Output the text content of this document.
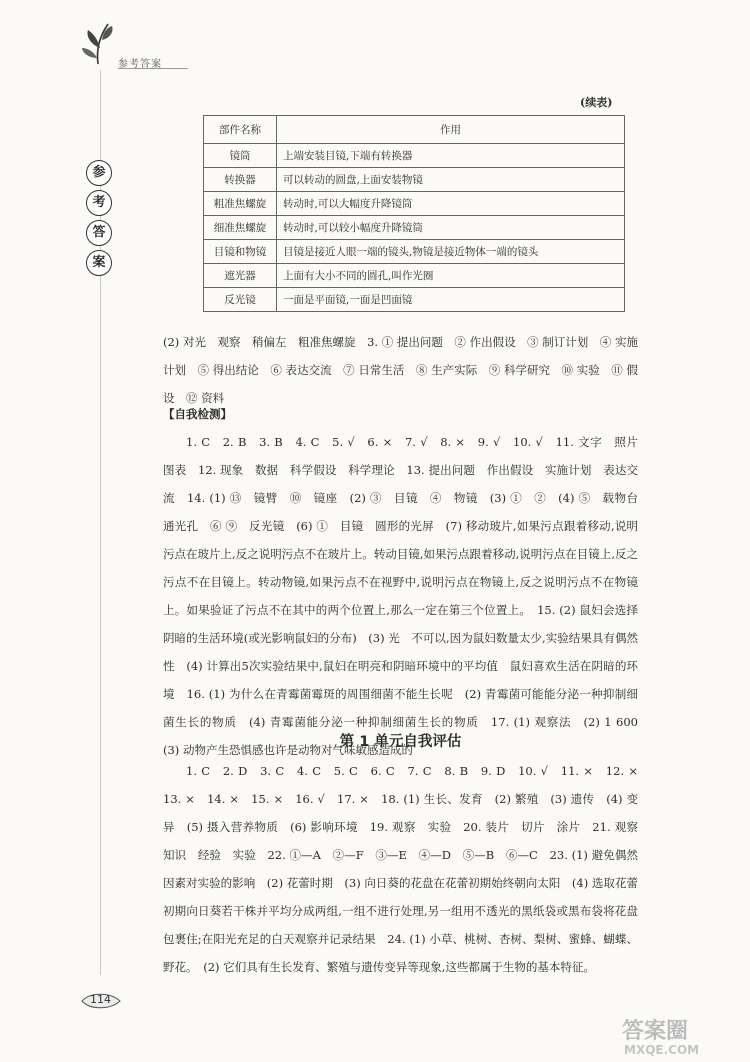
参考答案
参
考
答
案
(续表)
部件名称	作用
镜筒	上端安装目镜,下端有转换器
转换器	可以转动的圆盘,上面安装物镜
粗准焦螺旋	转动时,可以大幅度升降镜筒
细准焦螺旋	转动时,可以较小幅度升降镜筒
目镜和物镜	目镜是接近人眼一端的镜头,物镜是接近物体一端的镜头
遮光器	上面有大小不同的圆孔,叫作光圈
反光镜	一面是平面镜,一面是凹面镜

(2) 对光　观察　稍偏左　粗准焦螺旋　3. ① 提出问题　② 作出假设　③ 制订计划　④ 实施计划　⑤ 得出结论　⑥ 表达交流　⑦ 日常生活　⑧ 生产实际　⑨ 科学研究　⑩ 实验　⑪ 假设　⑫ 资料

【自我检测】

1. C　2. B　3. B　4. C　5. √　6. ×　7. √　8. ×　9. √　10. √　11. 文字　照片　图表　12. 现象　数据　科学假设　科学理论　13. 提出问题　作出假设　实施计划　表达交流　14. (1) ⑬　镜臂　⑩　镜座　(2) ③　目镜　④　物镜　(3) ①　②　(4) ⑤　载物台　通光孔　⑥ ⑨　反光镜　(6) ①　目镜　圆形的光屏　(7) 移动玻片,如果污点跟着移动,说明污点在玻片上,反之说明污点不在玻片上。转动目镜,如果污点跟着移动,说明污点在目镜上,反之污点不在目镜上。转动物镜,如果污点不在视野中,说明污点在物镜上,反之说明污点不在物镜上。如果验证了污点不在其中的两个位置上,那么一定在第三个位置上。　15. (2) 鼠妇会选择阴暗的生活环境(或光影响鼠妇的分布)　(3) 光　不可以,因为鼠妇数量太少,实验结果具有偶然性　(4) 计算出5次实验结果中,鼠妇在明亮和阴暗环境中的平均值　鼠妇喜欢生活在阴暗的环境　16. (1) 为什么在青霉菌霉斑的周围细菌不能生长呢　(2) 青霉菌可能能分泌一种抑制细菌生长的物质　(4) 青霉菌能分泌一种抑制细菌生长的物质　17. (1) 观察法　(2) 1 600　(3) 动物产生恐惧感也许是动物对气味敏感造成的

第 1 单元自我评估

1. C　2. D　3. C　4. C　5. C　6. C　7. C　8. B　9. D　10. √　11. ×　12. ×　13. ×　14. ×　15. ×　16. √　17. ×　18. (1) 生长、发育　(2) 繁殖　(3) 遗传　(4) 变异　(5) 摄入营养物质　(6) 影响环境　19. 观察　实验　20. 装片　切片　涂片　21. 观察　知识　经验　实验　22. ①—A　②—F　③—E　④—D　⑤—B　⑥—C　23. (1) 避免偶然因素对实验的影响　(2) 花蕾时期　(3) 向日葵的花盘在花蕾初期始终朝向太阳　(4) 选取花蕾初期向日葵若干株并平均分成两组,一组不进行处理,另一组用不透光的黑纸袋或黑布袋将花盘包裹住;在阳光充足的白天观察并记录结果　24. (1) 小草、桃树、杏树、梨树、蜜蜂、蝴蝶、野花。　(2) 它们具有生长发育、繁殖与遗传变异等现象,这些都属于生物的基本特征。

114
答案圈
MXQE.COM
